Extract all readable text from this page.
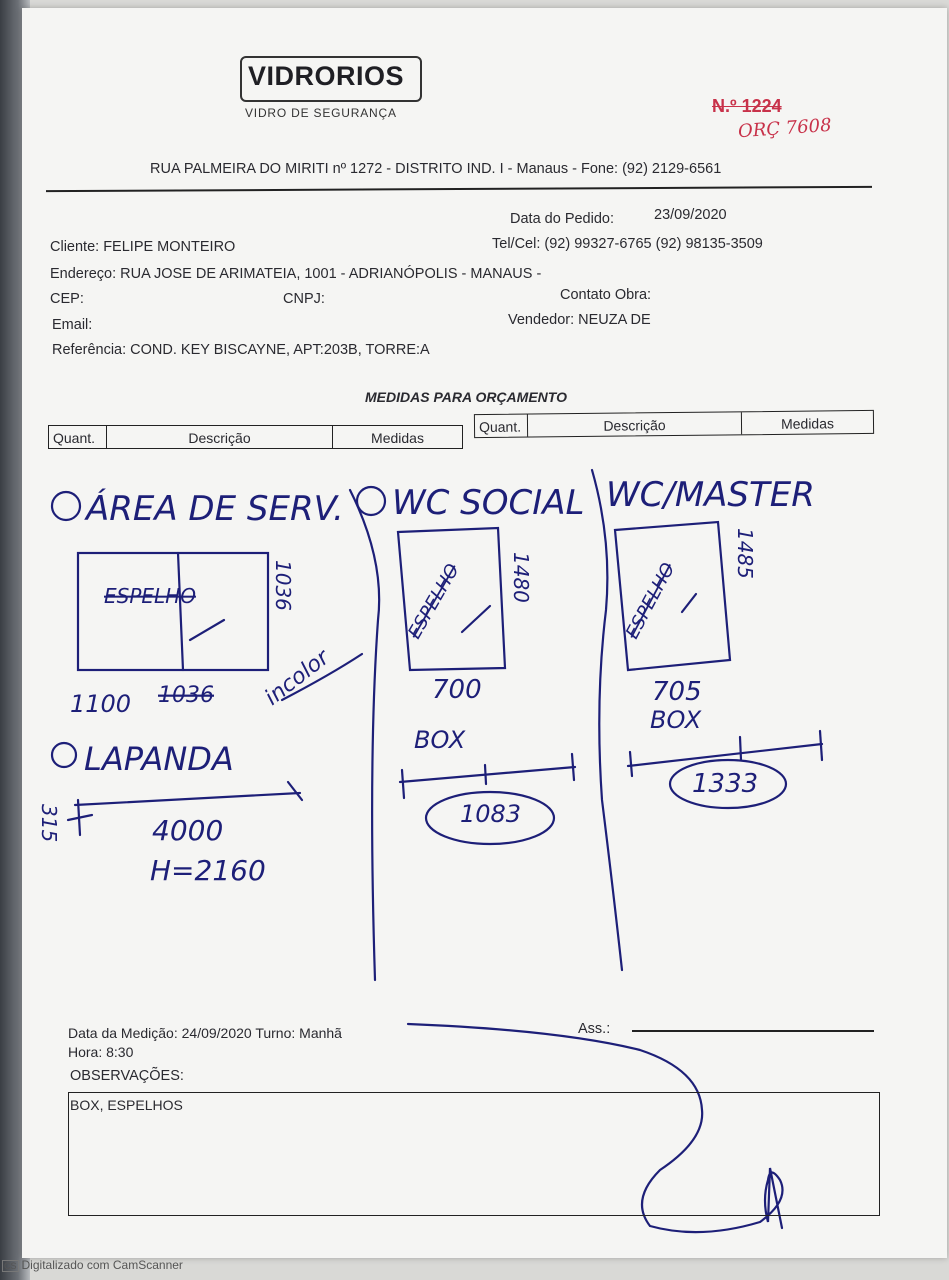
VIDRORIOS
VIDRO DE SEGURANÇA	N.º 1224
ORÇ 7608
RUA PALMEIRA DO MIRITI nº 1272 - DISTRITO IND. I - Manaus - Fone: (92) 2129-6561
Data do Pedido:	23/09/2020
Cliente: FELIPE MONTEIRO	Tel/Cel: (92) 99327-6765 (92) 98135-3509
Endereço: RUA JOSE DE ARIMATEIA, 1001 - ADRIANÓPOLIS - MANAUS -
CEP:	CNPJ:	Contato Obra:
Email:	Vendedor: NEUZA DE
Referência: COND. KEY BISCAYNE, APT:203B, TORRE:A
MEDIDAS PARA ORÇAMENTO
Quant.	Descrição	Medidas
Quant.	Descrição	Medidas
ÁREA DE SERV.
ESPELHO	1036
1100 1036 incolor
LAPANDA
315	4000
H=2160
WC SOCIAL
ESPELHO 1480
700
BOX
1083
WC/MASTER
ESPELHO
1485
705
BOX
1333
Data da Medição: 24/09/2020 Turno: Manhã
Hora: 8:30
Ass.:
OBSERVAÇÕES:
BOX, ESPELHOS
CS Digitalizado com CamScanner
